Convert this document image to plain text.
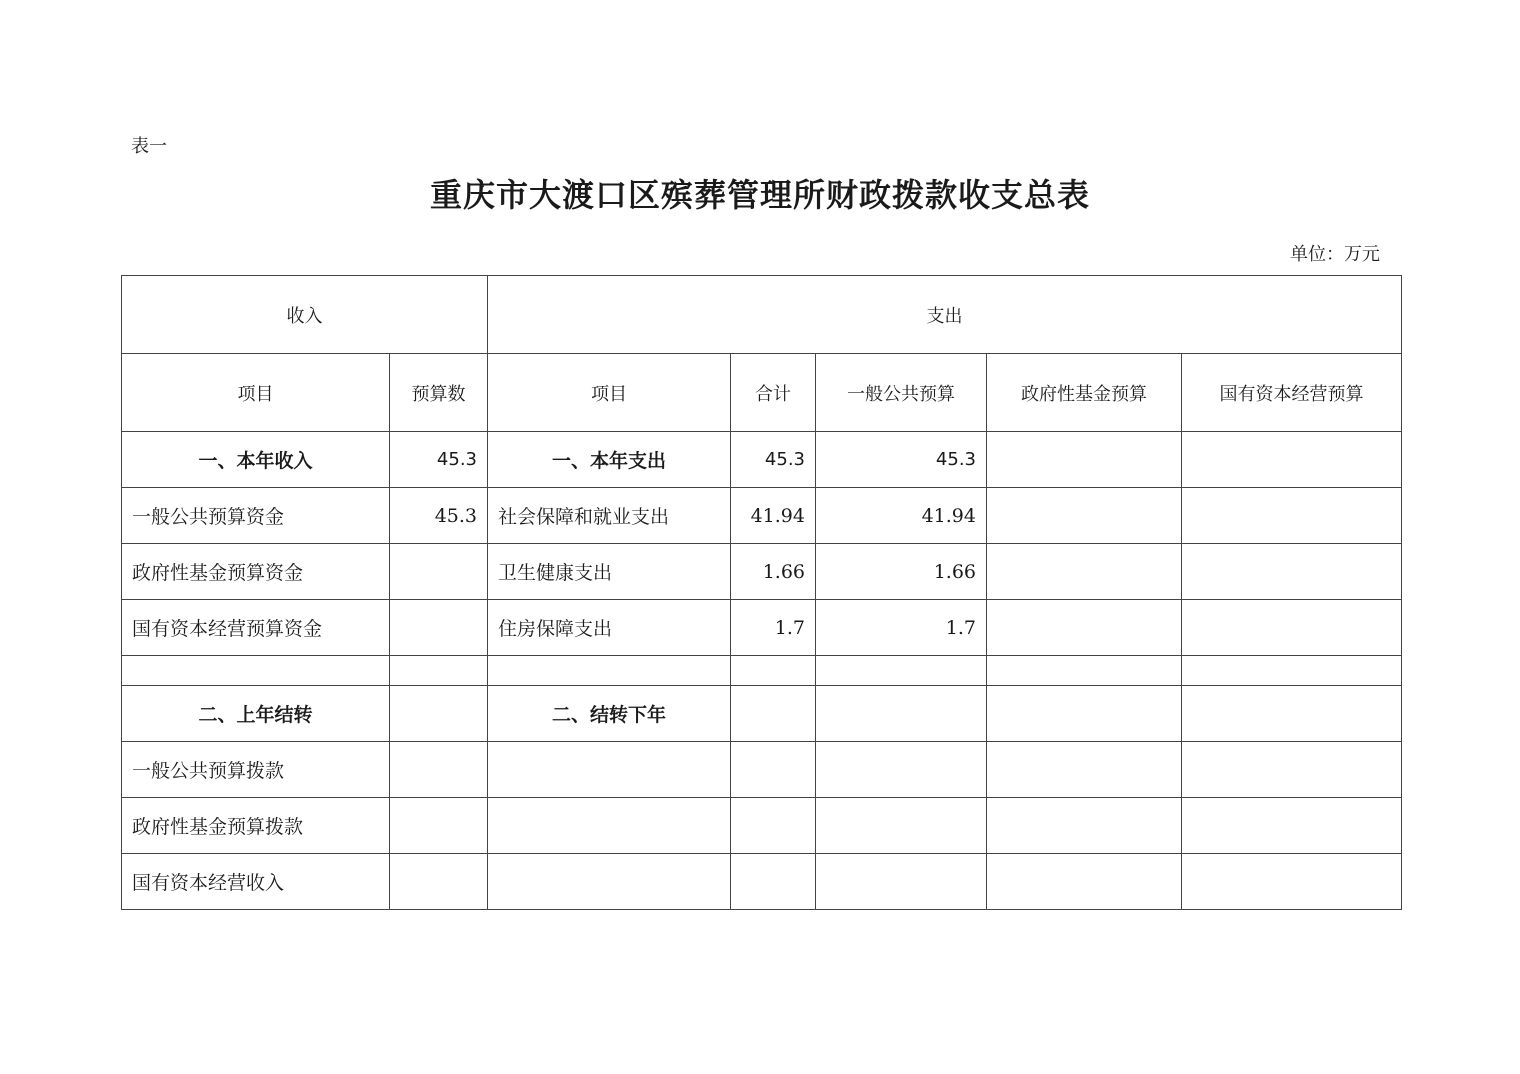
表一
重庆市大渡口区殡葬管理所财政拨款收支总表
单位：万元
收入		支出				
项目	预算数	项目	合计	一般公共预算	政府性基金预算	国有资本经营预算
一、本年收入	45.3	一、本年支出	45.3	45.3		
一般公共预算资金	45.3	社会保障和就业支出	41.94	41.94		
政府性基金预算资金		卫生健康支出	1.66	1.66		
国有资本经营预算资金		住房保障支出	1.7	1.7		

二、上年结转		二、结转下年				
一般公共预算拨款						
政府性基金预算拨款						
国有资本经营收入						
